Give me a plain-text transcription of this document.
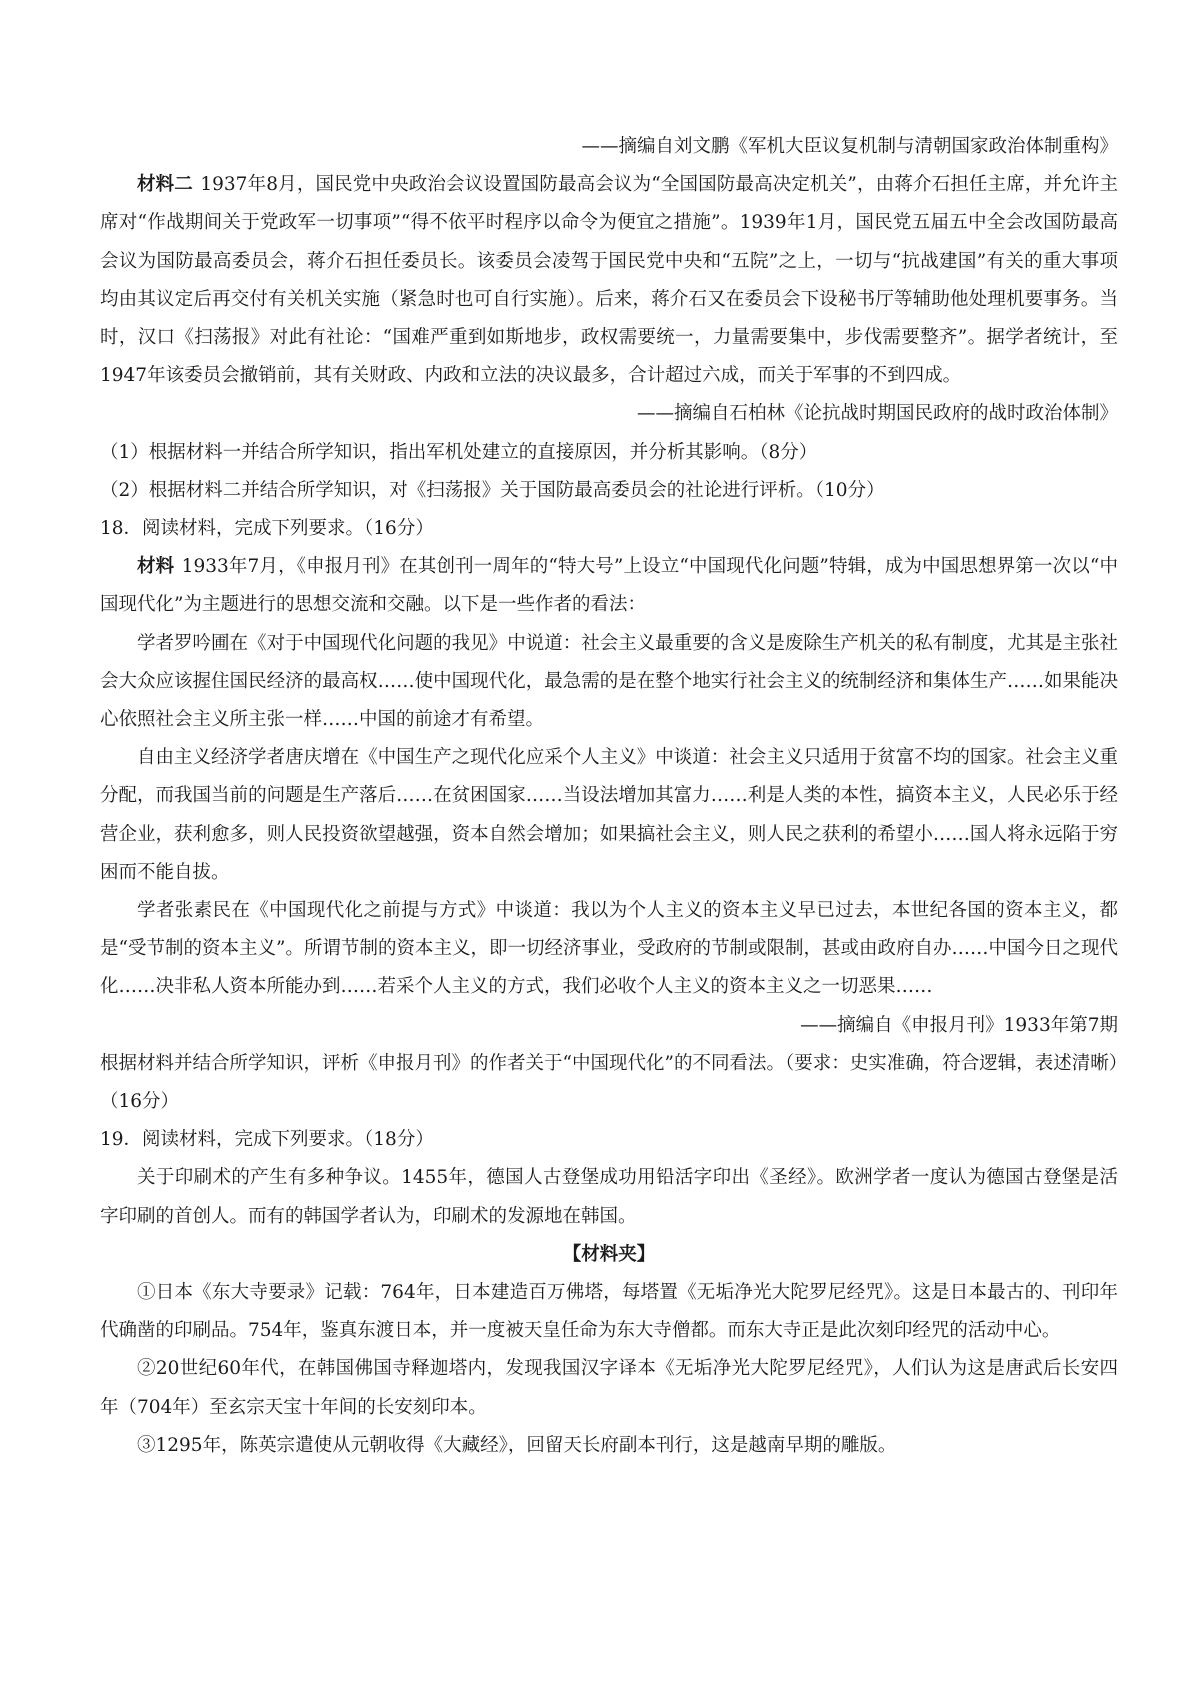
——摘编自刘文鹏《军机大臣议复机制与清朝国家政治体制重构》

材料二 1937年8月，国民党中央政治会议设置国防最高会议为“全国国防最高决定机关”，由蒋介石担任主席，并允许主席对“作战期间关于党政军一切事项”“得不依平时程序以命令为便宜之措施”。1939年1月，国民党五届五中全会改国防最高会议为国防最高委员会，蒋介石担任委员长。该委员会凌驾于国民党中央和“五院”之上，一切与“抗战建国”有关的重大事项均由其议定后再交付有关机关实施（紧急时也可自行实施）。后来，蒋介石又在委员会下设秘书厅等辅助他处理机要事务。当时，汉口《扫荡报》对此有社论：“国难严重到如斯地步，政权需要统一，力量需要集中，步伐需要整齐”。据学者统计，至1947年该委员会撤销前，其有关财政、内政和立法的决议最多，合计超过六成，而关于军事的不到四成。

——摘编自石柏林《论抗战时期国民政府的战时政治体制》
（1）根据材料一并结合所学知识，指出军机处建立的直接原因，并分析其影响。（8分）
（2）根据材料二并结合所学知识，对《扫荡报》关于国防最高委员会的社论进行评析。（10分）
18．阅读材料，完成下列要求。（16分）

材料 1933年7月，《申报月刊》在其创刊一周年的“特大号”上设立“中国现代化问题”特辑，成为中国思想界第一次以“中国现代化”为主题进行的思想交流和交融。以下是一些作者的看法：

学者罗吟圃在《对于中国现代化问题的我见》中说道：社会主义最重要的含义是废除生产机关的私有制度，尤其是主张社会大众应该握住国民经济的最高权……使中国现代化，最急需的是在整个地实行社会主义的统制经济和集体生产……如果能决心依照社会主义所主张一样……中国的前途才有希望。

自由主义经济学者唐庆增在《中国生产之现代化应采个人主义》中谈道：社会主义只适用于贫富不均的国家。社会主义重分配，而我国当前的问题是生产落后……在贫困国家……当设法增加其富力……利是人类的本性，搞资本主义，人民必乐于经营企业，获利愈多，则人民投资欲望越强，资本自然会增加；如果搞社会主义，则人民之获利的希望小……国人将永远陷于穷困而不能自拔。

学者张素民在《中国现代化之前提与方式》中谈道：我以为个人主义的资本主义早已过去，本世纪各国的资本主义，都是“受节制的资本主义”。所谓节制的资本主义，即一切经济事业，受政府的节制或限制，甚或由政府自办……中国今日之现代化……决非私人资本所能办到……若采个人主义的方式，我们必收个人主义的资本主义之一切恶果……

——摘编自《申报月刊》1933年第7期

根据材料并结合所学知识，评析《申报月刊》的作者关于“中国现代化”的不同看法。（要求：史实准确，符合逻辑，表述清晰）（16分）

19．阅读材料，完成下列要求。（18分）

关于印刷术的产生有多种争议。1455年，德国人古登堡成功用铅活字印出《圣经》。欧洲学者一度认为德国古登堡是活字印刷的首创人。而有的韩国学者认为，印刷术的发源地在韩国。

【材料夹】

①日本《东大寺要录》记载：764年，日本建造百万佛塔，每塔置《无垢净光大陀罗尼经咒》。这是日本最古的、刊印年代确凿的印刷品。754年，鉴真东渡日本，并一度被天皇任命为东大寺僧都。而东大寺正是此次刻印经咒的活动中心。

②20世纪60年代，在韩国佛国寺释迦塔内，发现我国汉字译本《无垢净光大陀罗尼经咒》，人们认为这是唐武后长安四年（704年）至玄宗天宝十年间的长安刻印本。

③1295年，陈英宗遣使从元朝收得《大藏经》，回留天长府副本刊行，这是越南早期的雕版。
